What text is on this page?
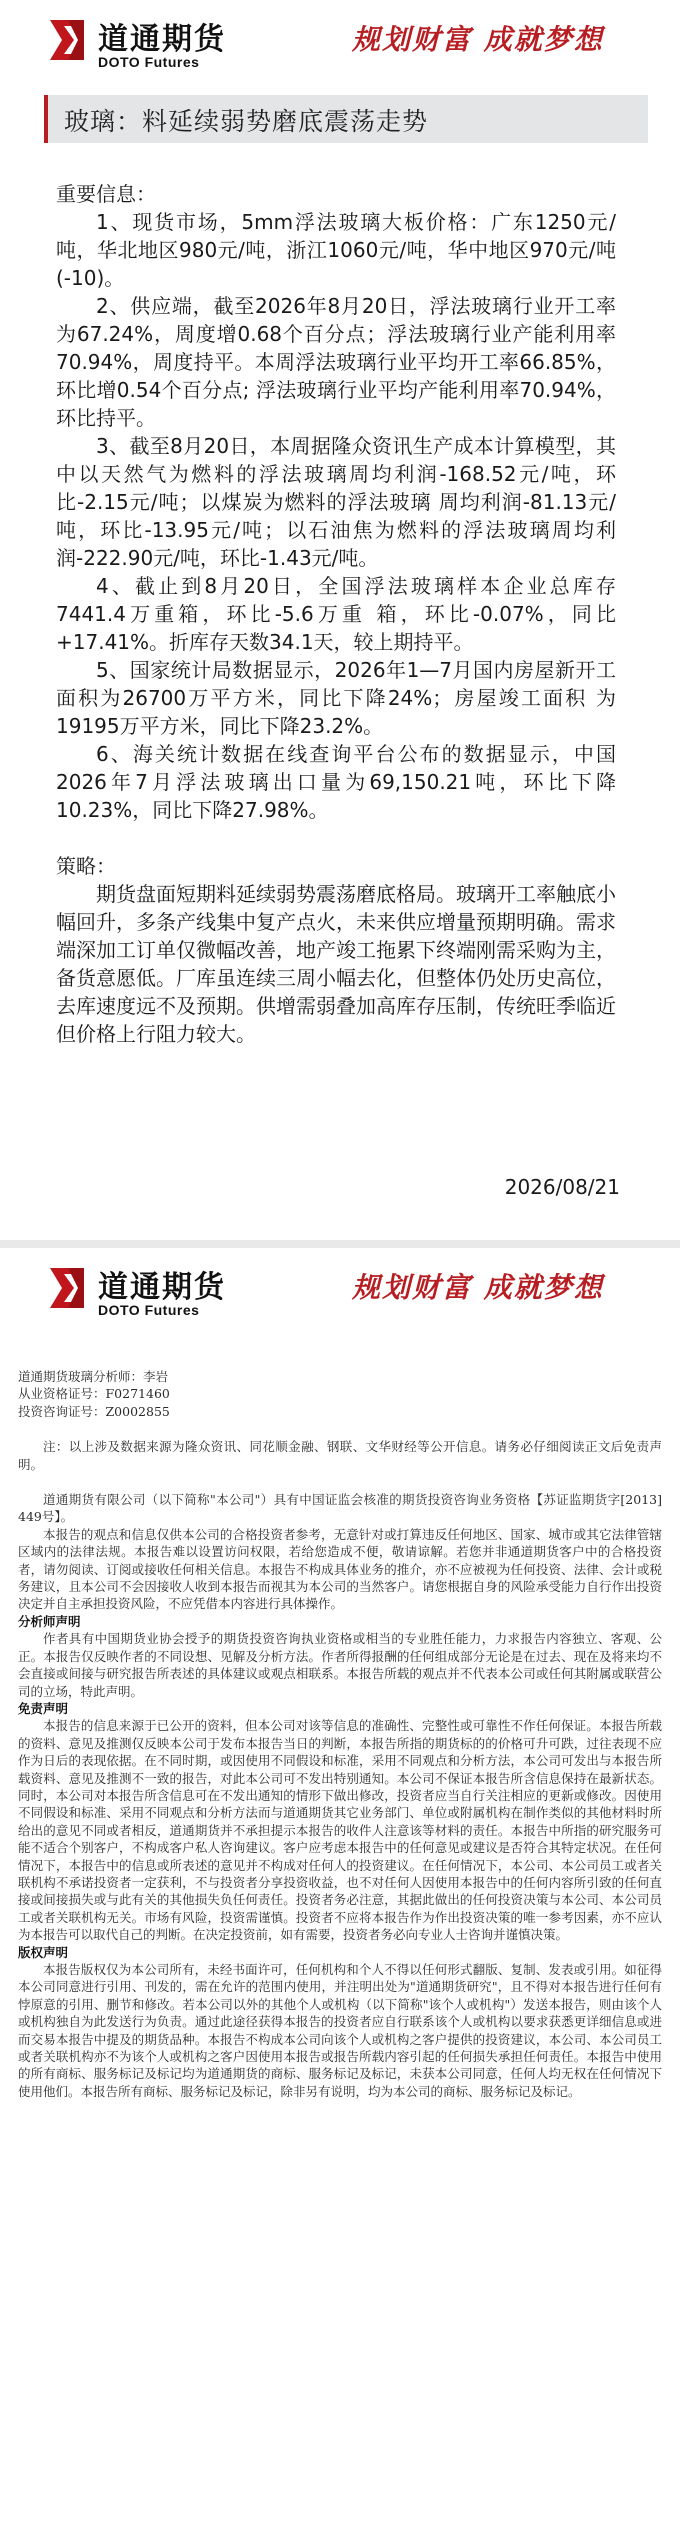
道通期货
DOTO Futures
规划财富 成就梦想
玻璃：料延续弱势磨底震荡走势

重要信息：

1、现货市场，5mm浮法玻璃大板价格：广东1250元/吨，华北地区980元/吨，浙江1060元/吨，华中地区970元/吨(-10)。

2、供应端，截至2026年8月20日，浮法玻璃行业开工率为67.24%，周度增0.68个百分点；浮法玻璃行业产能利用率70.94%，周度持平。本周浮法玻璃行业平均开工率66.85%，环比增0.54个百分点; 浮法玻璃行业平均产能利用率70.94%，环比持平。

3、截至8月20日，本周据隆众资讯生产成本计算模型，其中以天然气为燃料的浮法玻璃周均利润-168.52元/吨，环比-2.15元/吨；以煤炭为燃料的浮法玻璃 周均利润-81.13元/吨，环比-13.95元/吨；以石油焦为燃料的浮法玻璃周均利 润-222.90元/吨，环比-1.43元/吨。

4、截止到8月20日，全国浮法玻璃样本企业总库存7441.4万重箱，环比-5.6万重 箱，环比-0.07%，同比+17.41%。折库存天数34.1天，较上期持平。

5、国家统计局数据显示，2026年1—7月国内房屋新开工面积为26700万平方米，同比下降24%；房屋竣工面积 为19195万平方米，同比下降23.2%。

6、海关统计数据在线查询平台公布的数据显示，中国2026年7月浮法玻璃出口量为69,150.21吨，环比下降10.23%，同比下降27.98%。

策略：

期货盘面短期料延续弱势震荡磨底格局。玻璃开工率触底小幅回升，多条产线集中复产点火，未来供应增量预期明确。需求端深加工订单仅微幅改善，地产竣工拖累下终端刚需采购为主，备货意愿低。厂库虽连续三周小幅去化，但整体仍处历史高位，去库速度远不及预期。供增需弱叠加高库存压制，传统旺季临近但价格上行阻力较大。

2026/08/21
道通期货
DOTO Futures
规划财富 成就梦想

道通期货玻璃分析师：李岩

从业资格证号：F0271460

投资咨询证号：Z0002855

注：以上涉及数据来源为隆众资讯、同花顺金融、钢联、文华财经等公开信息。请务必仔细阅读正文后免责声明。

道通期货有限公司（以下简称"本公司"）具有中国证监会核准的期货投资咨询业务资格【苏证监期货字[2013] 449号】。

本报告的观点和信息仅供本公司的合格投资者参考，无意针对或打算违反任何地区、国家、城市或其它法律管辖区域内的法律法规。本报告难以设置访问权限，若给您造成不便，敬请谅解。若您并非通道期货客户中的合格投资者，请勿阅读、订阅或接收任何相关信息。本报告不构成具体业务的推介，亦不应被视为任何投资、法律、会计或税务建议，且本公司不会因接收人收到本报告而视其为本公司的当然客户。请您根据自身的风险承受能力自行作出投资决定并自主承担投资风险，不应凭借本内容进行具体操作。

分析师声明

作者具有中国期货业协会授予的期货投资咨询执业资格或相当的专业胜任能力，力求报告内容独立、客观、公正。本报告仅反映作者的不同设想、见解及分析方法。作者所得报酬的任何组成部分无论是在过去、现在及将来均不会直接或间接与研究报告所表述的具体建议或观点相联系。本报告所载的观点并不代表本公司或任何其附属或联营公司的立场，特此声明。

免责声明

本报告的信息来源于已公开的资料，但本公司对该等信息的准确性、完整性或可靠性不作任何保证。本报告所载的资料、意见及推测仅反映本公司于发布本报告当日的判断，本报告所指的期货标的的价格可升可跌，过往表现不应作为日后的表现依据。在不同时期，或因使用不同假设和标准，采用不同观点和分析方法，本公司可发出与本报告所载资料、意见及推测不一致的报告，对此本公司可不发出特别通知。本公司不保证本报告所含信息保持在最新状态。同时，本公司对本报告所含信息可在不发出通知的情形下做出修改，投资者应当自行关注相应的更新或修改。因使用不同假设和标准、采用不同观点和分析方法而与道通期货其它业务部门、单位或附属机构在制作类似的其他材料时所给出的意见不同或者相反，道通期货并不承担提示本报告的收件人注意该等材料的责任。本报告中所指的研究服务可能不适合个别客户，不构成客户私人咨询建议。客户应考虑本报告中的任何意见或建议是否符合其特定状况。在任何情况下，本报告中的信息或所表述的意见并不构成对任何人的投资建议。在任何情况下，本公司、本公司员工或者关联机构不承诺投资者一定获利，不与投资者分享投资收益，也不对任何人因使用本报告中的任何内容所引致的任何直接或间接损失或与此有关的其他损失负任何责任。投资者务必注意，其据此做出的任何投资决策与本公司、本公司员工或者关联机构无关。市场有风险，投资需谨慎。投资者不应将本报告作为作出投资决策的唯一参考因素，亦不应认为本报告可以取代自己的判断。在决定投资前，如有需要，投资者务必向专业人士咨询并谨慎决策。

版权声明

本报告版权仅为本公司所有，未经书面许可，任何机构和个人不得以任何形式翻版、复制、发表或引用。如征得本公司同意进行引用、刊发的，需在允许的范围内使用，并注明出处为"道通期货研究"，且不得对本报告进行任何有悖原意的引用、删节和修改。若本公司以外的其他个人或机构（以下简称"该个人或机构"）发送本报告，则由该个人或机构独自为此发送行为负责。通过此途径获得本报告的投资者应自行联系该个人或机构以要求获悉更详细信息或进而交易本报告中提及的期货品种。本报告不构成本公司向该个人或机构之客户提供的投资建议，本公司、本公司员工或者关联机构亦不为该个人或机构之客户因使用本报告或报告所载内容引起的任何损失承担任何责任。本报告中使用的所有商标、服务标记及标记均为道通期货的商标、服务标记及标记，未获本公司同意，任何人均无权在任何情况下使用他们。本报告所有商标、服务标记及标记，除非另有说明，均为本公司的商标、服务标记及标记。
